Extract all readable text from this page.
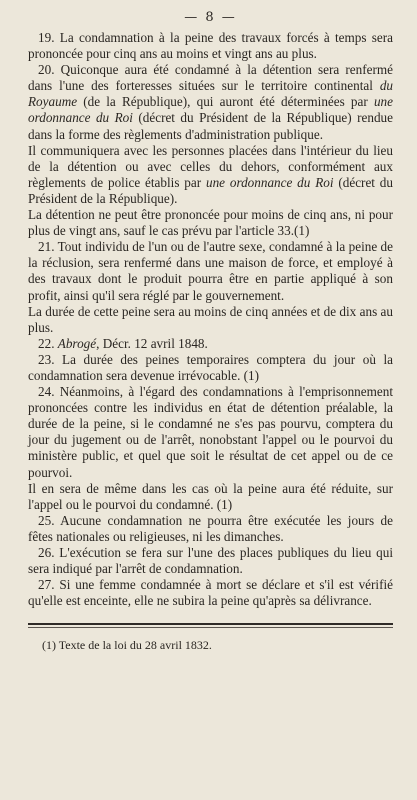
— 8 —

19. La condamnation à la peine des travaux forcés à temps sera prononcée pour cinq ans au moins et vingt ans au plus.

20. Quiconque aura été condamné à la détention sera renfermé dans l'une des forteresses situées sur le territoire continental du Royaume (de la République), qui auront été déterminées par une ordonnance du Roi (décret du Président de la République) rendue dans la forme des règlements d'administration publique.

Il communiquera avec les personnes placées dans l'intérieur du lieu de la détention ou avec celles du dehors, conformément aux règlements de police établis par une ordonnance du Roi (décret du Président de la République).

La détention ne peut être prononcée pour moins de cinq ans, ni pour plus de vingt ans, sauf le cas prévu par l'article 33.(1)

21. Tout individu de l'un ou de l'autre sexe, condamné à la peine de la réclusion, sera renfermé dans une maison de force, et employé à des travaux dont le produit pourra être en partie appliqué à son profit, ainsi qu'il sera réglé par le gouvernement.

La durée de cette peine sera au moins de cinq années et de dix ans au plus.

22. Abrogé, Décr. 12 avril 1848.

23. La durée des peines temporaires comptera du jour où la condamnation sera devenue irrévocable. (1)

24. Néanmoins, à l'égard des condamnations à l'emprisonnement prononcées contre les individus en état de détention préalable, la durée de la peine, si le condamné ne s'es pas pourvu, comptera du jour du jugement ou de l'arrêt, nonobstant l'appel ou le pourvoi du ministère public, et quel que soit le résultat de cet appel ou de ce pourvoi.

Il en sera de même dans les cas où la peine aura été réduite, sur l'appel ou le pourvoi du condamné. (1)

25. Aucune condamnation ne pourra être exécutée les jours de fêtes nationales ou religieuses, ni les dimanches.

26. L'exécution se fera sur l'une des places publiques du lieu qui sera indiqué par l'arrêt de condamnation.

27. Si une femme condamnée à mort se déclare et s'il est vérifié qu'elle est enceinte, elle ne subira la peine qu'après sa délivrance.

(1) Texte de la loi du 28 avril 1832.
